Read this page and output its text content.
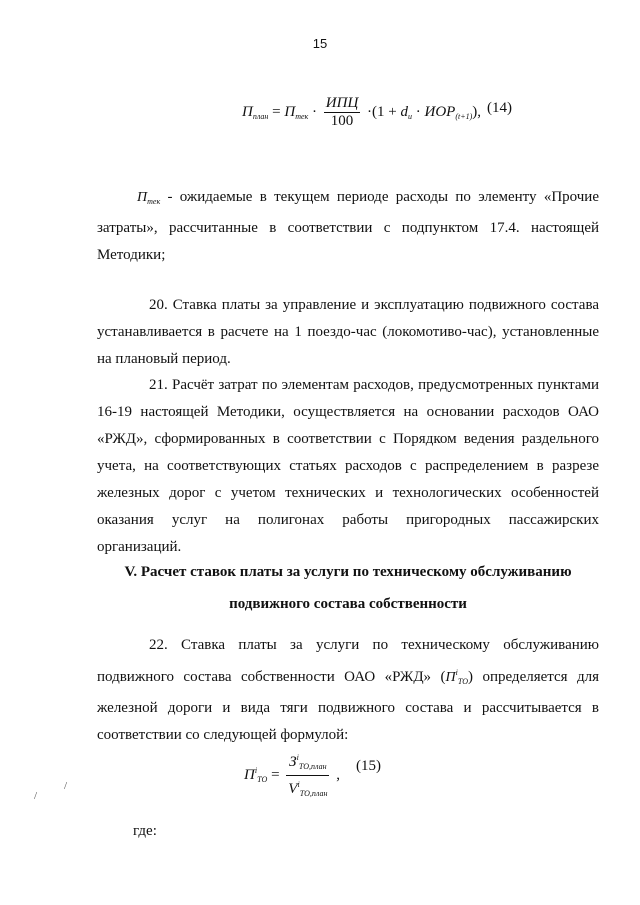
15
$П_{план} = П_{тек} \cdot \frac{\text{ИПЦ}}{100} \cdot(1 + d_и \cdot ИОР_{(t+1)})$, (14)
$П_{тек}$ - ожидаемые в текущем периоде расходы по элементу «Прочие затраты», рассчитанные в соответствии с подпунктом 17.4. настоящей Методики;
20. Ставка платы за управление и эксплуатацию подвижного состава устанавливается в расчете на 1 поездо-час (локомотиво-час), установленные на плановый период.
21. Расчёт затрат по элементам расходов, предусмотренных пунктами 16-19 настоящей Методики, осуществляется на основании расходов ОАО «РЖД», сформированных в соответствии с Порядком ведения раздельного учета, на соответствующих статьях расходов с распределением в разрезе железных дорог с учетом технических и технологических особенностей оказания услуг на полигонах работы пригородных пассажирских организаций.
V. Расчет ставок платы за услуги по техническому обслуживанию
подвижного состава собственности
22. Ставка платы за услуги по техническому обслуживанию подвижного состава собственности ОАО «РЖД» $(П^i_{ТО})$ определяется для железной дороги и вида тяги подвижного состава и рассчитывается в соответствии со следующей формулой:
$П^i_{ТО} = \frac{З^i_{ТО,план}}{V^i_{ТО,план}}$ ,
(15)
где:
/
/
